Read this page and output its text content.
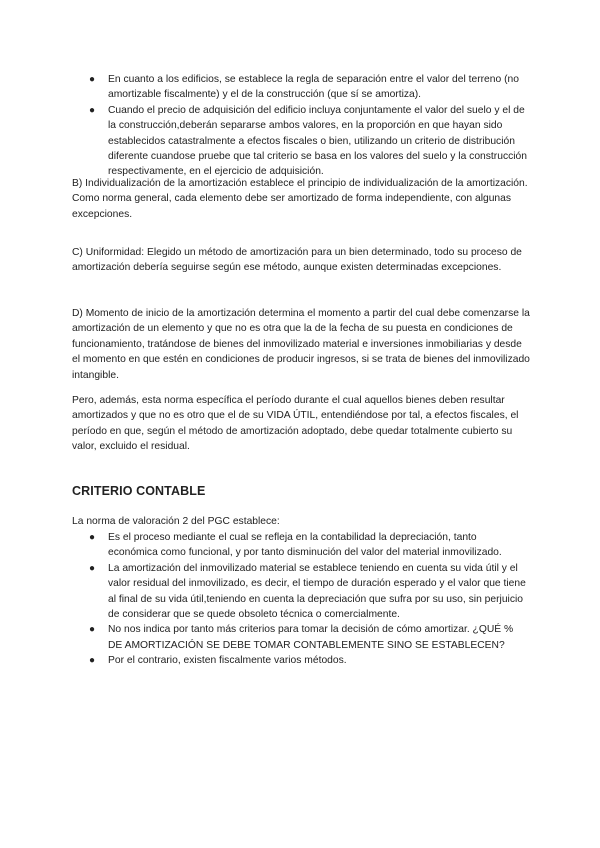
● En cuanto a los edificios, se establece la regla de separación entre el valor del terreno (no amortizable fiscalmente) y el de la construcción (que sí se amortiza).
● Cuando el precio de adquisición del edificio incluya conjuntamente el valor del suelo y el de la construcción,deberán separarse ambos valores, en la proporción en que hayan sido establecidos catastralmente a efectos fiscales o bien, utilizando un criterio de distribución diferente cuandose pruebe que tal criterio se basa en los valores del suelo y la construcción respectivamente, en el ejercicio de adquisición.

B) Individualización de la amortización establece el principio de individualización de la amortización. Como norma general, cada elemento debe ser amortizado de forma independiente, con algunas excepciones.

C) Uniformidad: Elegido un método de amortización para un bien determinado, todo su proceso de amortización debería seguirse según ese método, aunque existen determinadas excepciones.

D) Momento de inicio de la amortización determina el momento a partir del cual debe comenzarse la amortización de un elemento y que no es otra que la de la fecha de su puesta en condiciones de funcionamiento, tratándose de bienes del inmovilizado material e inversiones inmobiliarias y desde el momento en que estén en condiciones de producir ingresos, si se trata de bienes del inmovilizado intangible.

Pero, además, esta norma específica el período durante el cual aquellos bienes deben resultar amortizados y que no es otro que el de su VIDA ÚTIL, entendiéndose por tal, a efectos fiscales, el período en que, según el método de amortización adoptado, debe quedar totalmente cubierto su valor, excluido el residual.

CRITERIO CONTABLE

La norma de valoración 2 del PGC establece:

● Es el proceso mediante el cual se refleja en la contabilidad la depreciación, tanto económica como funcional, y por tanto disminución del valor del material inmovilizado.
● La amortización del inmovilizado material se establece teniendo en cuenta su vida útil y el valor residual del inmovilizado, es decir, el tiempo de duración esperado y el valor que tiene al final de su vida útil,teniendo en cuenta la depreciación que sufra por su uso, sin perjuicio de considerar que se quede obsoleto técnica o comercialmente.
● No nos indica por tanto más criterios para tomar la decisión de cómo amortizar. ¿QUÉ % DE AMORTIZACIÓN SE DEBE TOMAR CONTABLEMENTE SINO SE ESTABLECEN?
● Por el contrario, existen fiscalmente varios métodos.
